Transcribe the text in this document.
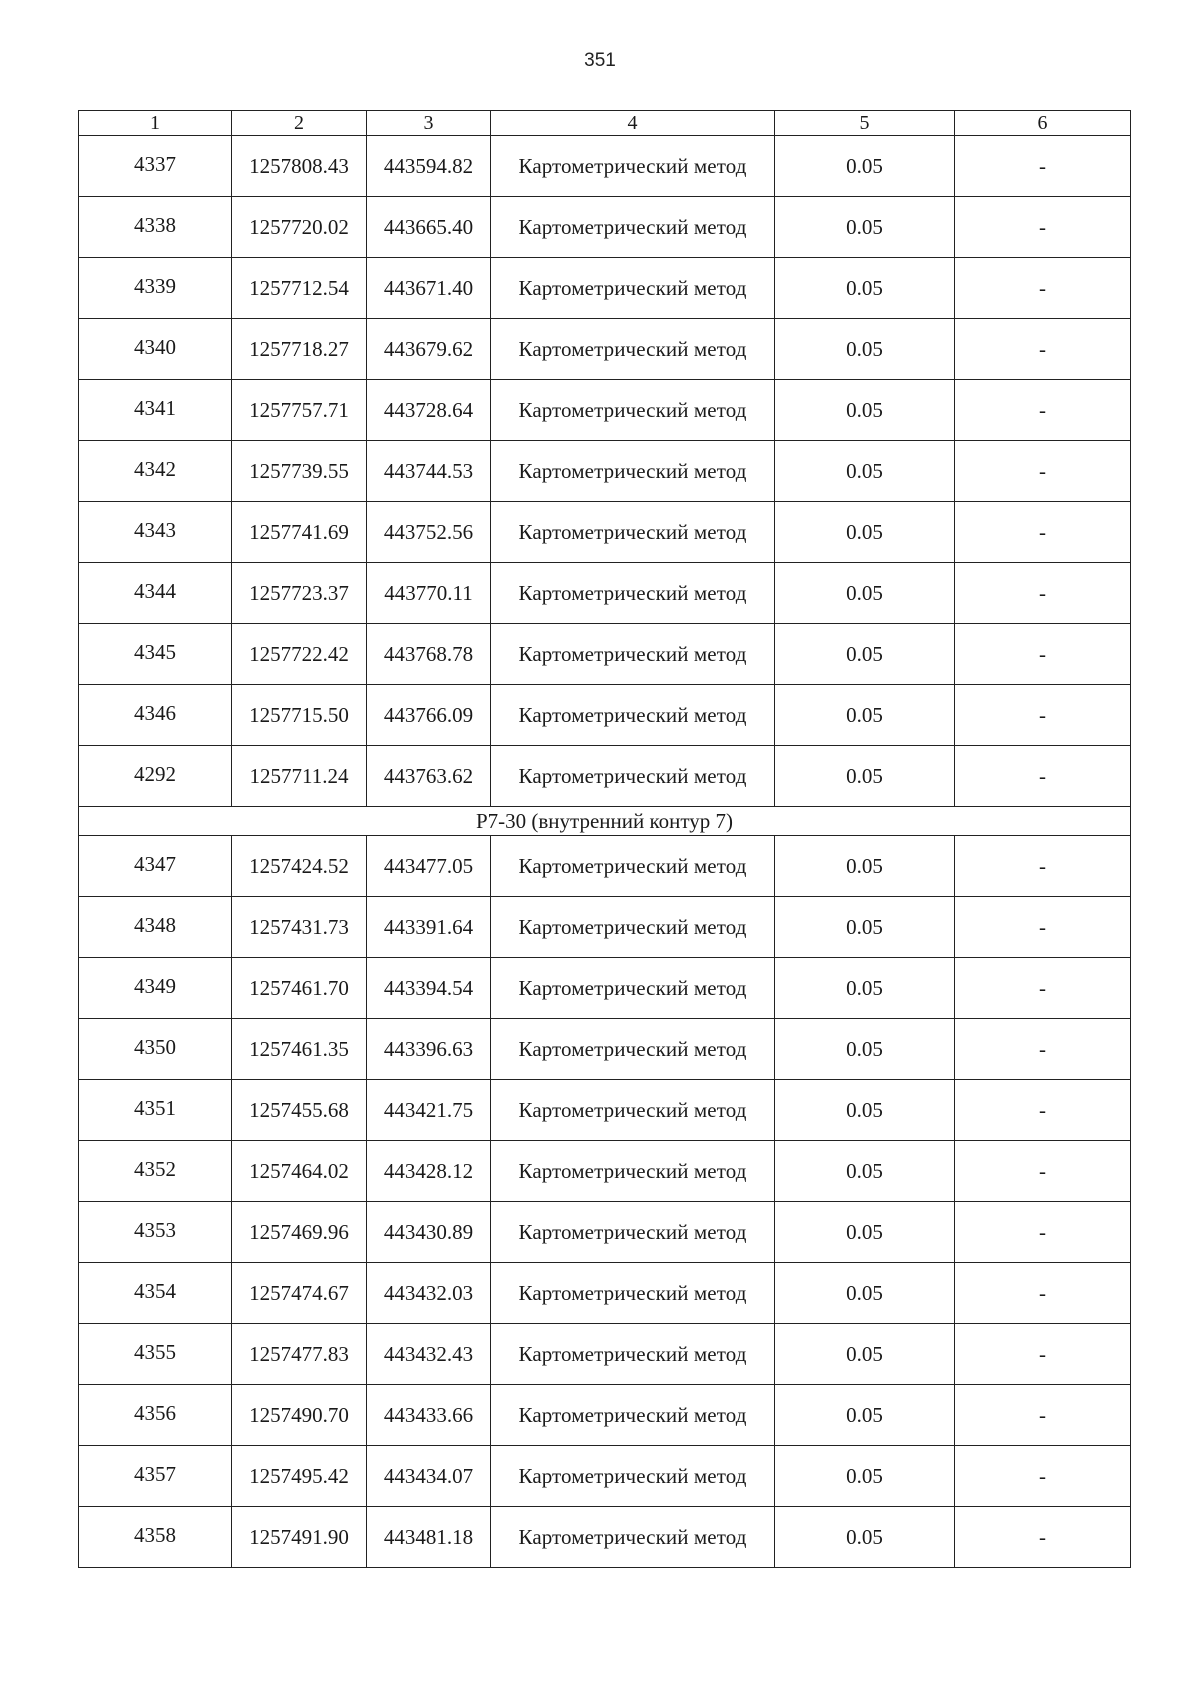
351
1	2	3	4	5	6
4337	1257808.43	443594.82	Картометрический метод	0.05	-
4338	1257720.02	443665.40	Картометрический метод	0.05	-
4339	1257712.54	443671.40	Картометрический метод	0.05	-
4340	1257718.27	443679.62	Картометрический метод	0.05	-
4341	1257757.71	443728.64	Картометрический метод	0.05	-
4342	1257739.55	443744.53	Картометрический метод	0.05	-
4343	1257741.69	443752.56	Картометрический метод	0.05	-
4344	1257723.37	443770.11	Картометрический метод	0.05	-
4345	1257722.42	443768.78	Картометрический метод	0.05	-
4346	1257715.50	443766.09	Картометрический метод	0.05	-
4292	1257711.24	443763.62	Картометрический метод	0.05	-
Р7-30 (внутренний контур 7)					
4347	1257424.52	443477.05	Картометрический метод	0.05	-
4348	1257431.73	443391.64	Картометрический метод	0.05	-
4349	1257461.70	443394.54	Картометрический метод	0.05	-
4350	1257461.35	443396.63	Картометрический метод	0.05	-
4351	1257455.68	443421.75	Картометрический метод	0.05	-
4352	1257464.02	443428.12	Картометрический метод	0.05	-
4353	1257469.96	443430.89	Картометрический метод	0.05	-
4354	1257474.67	443432.03	Картометрический метод	0.05	-
4355	1257477.83	443432.43	Картометрический метод	0.05	-
4356	1257490.70	443433.66	Картометрический метод	0.05	-
4357	1257495.42	443434.07	Картометрический метод	0.05	-
4358	1257491.90	443481.18	Картометрический метод	0.05	-
